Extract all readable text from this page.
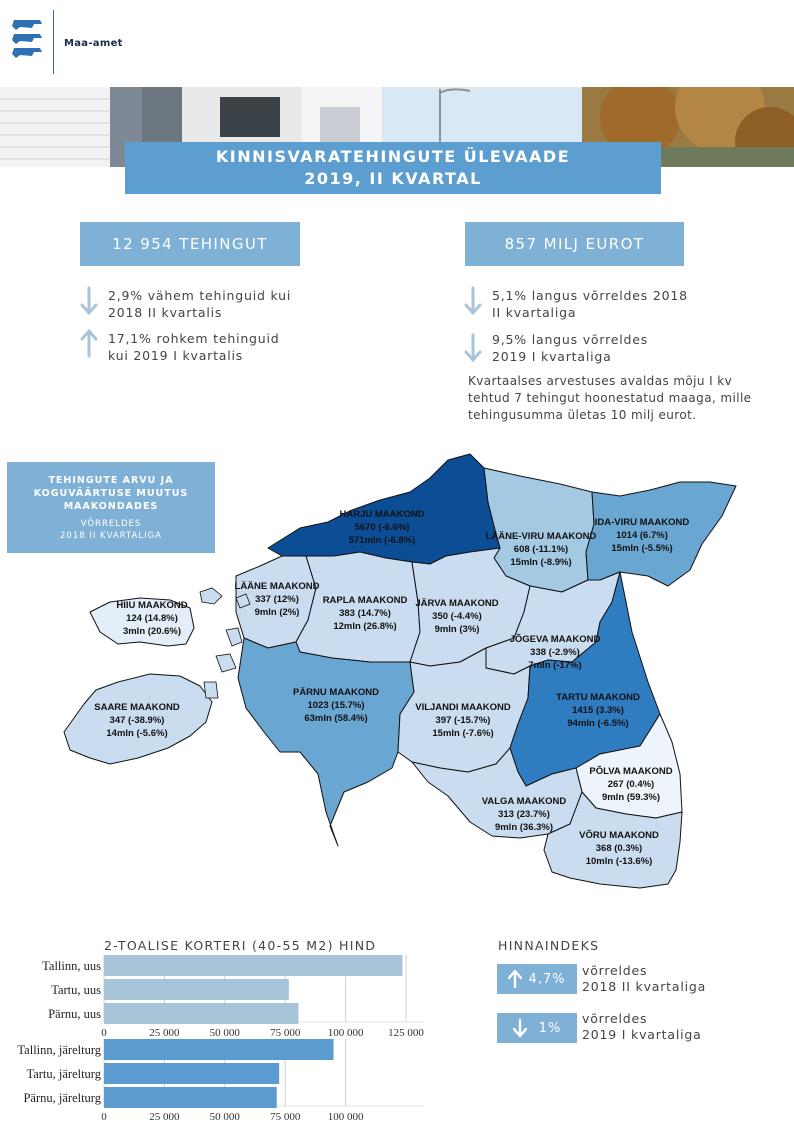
Maa-amet
KINNISVARATEHINGUTE ÜLEVAADE
2019, II KVARTAL
12 954 TEHINGUT	857 MILJ EUROT
2,9% vähem tehinguid kui
2018 II kvartalis
17,1% rohkem tehinguid
kui 2019 I kvartalis
5,1% langus võrreldes 2018
II kvartaliga
9,5% langus võrreldes
2019 I kvartaliga
Kvartaalses arvestuses avaldas mõju I kv tehtud 7 tehingut hoonestatud maaga, mille tehingusumma ületas 10 milj eurot.
TEHINGUTE ARVU JA
KOGUVÄÄRTUSE MUUTUS
MAAKONDADES
VÕRRELDES
2018 II KVARTALIGA
HARJU MAAKOND
5670 (-6.6%)
571mln (-6.8%)	LÄÄNE-VIRU MAAKOND
608 (-11.1%)
15mln (-8.9%)
IDA-VIRU MAAKOND
1014 (6.7%)
15mln (-5.5%)
LÄÄNE MAAKOND
337 (12%)
9mln (2%)
HIIU MAAKOND
124 (14.8%)
3mln (20.6%)
RAPLA MAAKOND
383 (14.7%)
12mln (26.8%)
JÄRVA MAAKOND
350 (-4.4%)
9mln (3%)
JÕGEVA MAAKOND
338 (-2.9%)
7mln (-17%)
SAARE MAAKOND
347 (-38.9%)
14mln (-5.6%)
PÄRNU MAAKOND
1023 (15.7%)
63mln (58.4%)
VILJANDI MAAKOND
397 (-15.7%)
15mln (-7.6%)
TARTU MAAKOND
1415 (3.3%)
94mln (-6.5%)
PÕLVA MAAKOND
267 (0.4%)
9mln (59.3%)
VALGA MAAKOND
313 (23.7%)
9mln (36.3%)
VÕRU MAAKOND
368 (0.3%)
10mln (-13.6%)
2-TOALISE KORTERI (40-55 M2) HIND
0	25 000	50 000	75 000 100 000 125 000
Tallinn, uus
Tartu, uus
Pärnu, uus
0	25 000	50 000	75 000 100 000
Tallinn, järelturg
Tartu, järelturg
Pärnu, järelturg
HINNAINDEKS
4,7%
võrreldes
2018 II kvartaliga
1%
võrreldes
2019 I kvartaliga
